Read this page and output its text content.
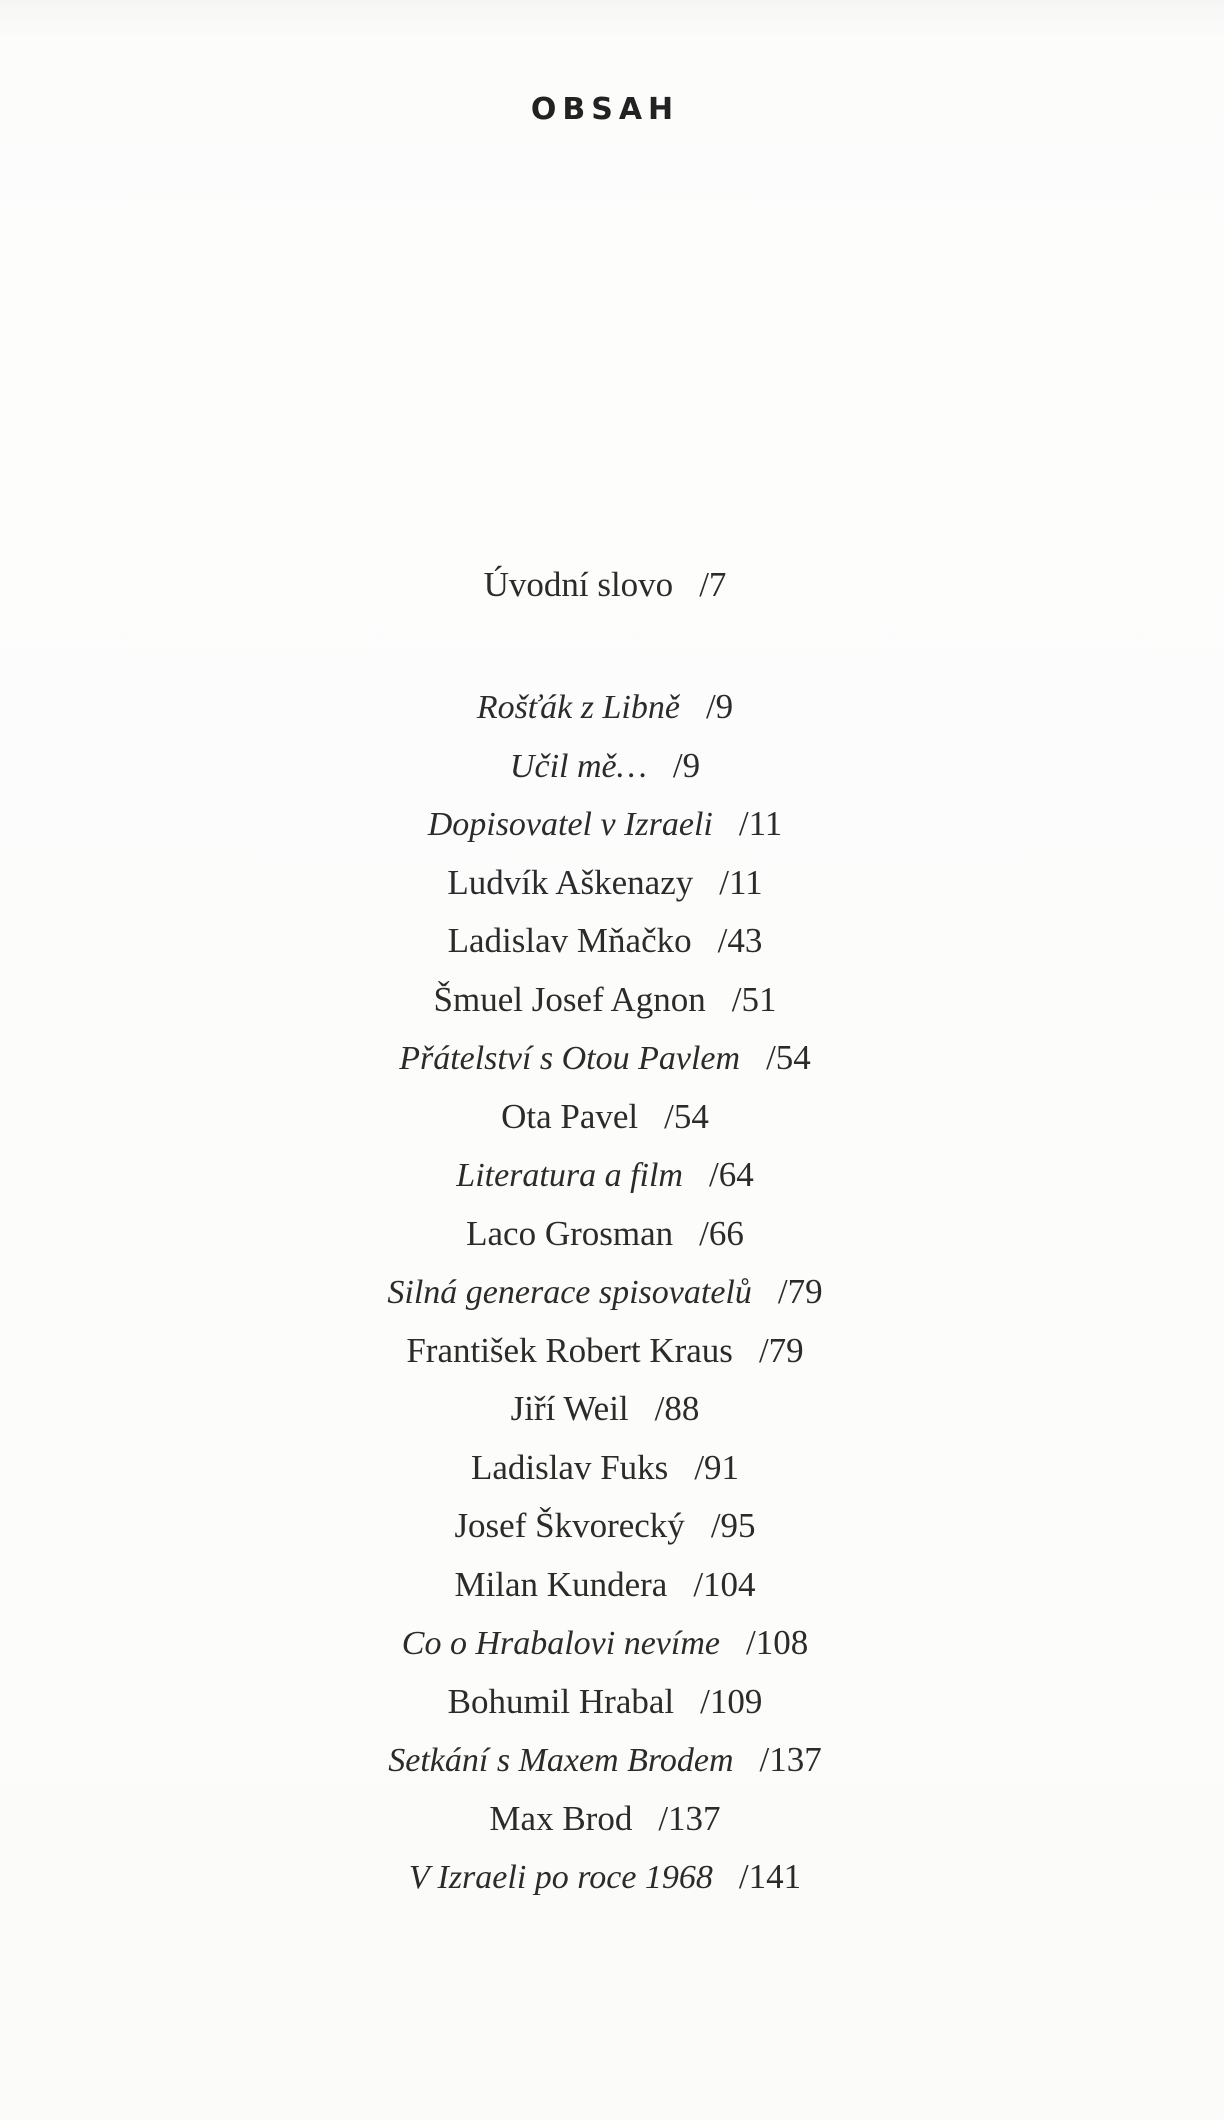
OBSAH
Úvodní slovo /7
Rošťák z Libně /9
Učil mě… /9
Dopisovatel v Izraeli /11
Ludvík Aškenazy /11
Ladislav Mňačko /43
Šmuel Josef Agnon /51
Přátelství s Otou Pavlem /54
Ota Pavel /54
Literatura a film /64
Laco Grosman /66
Silná generace spisovatelů /79
František Robert Kraus /79
Jiří Weil /88
Ladislav Fuks /91
Josef Škvorecký /95
Milan Kundera /104
Co o Hrabalovi nevíme /108
Bohumil Hrabal /109
Setkání s Maxem Brodem /137
Max Brod /137
V Izraeli po roce 1968 /141
